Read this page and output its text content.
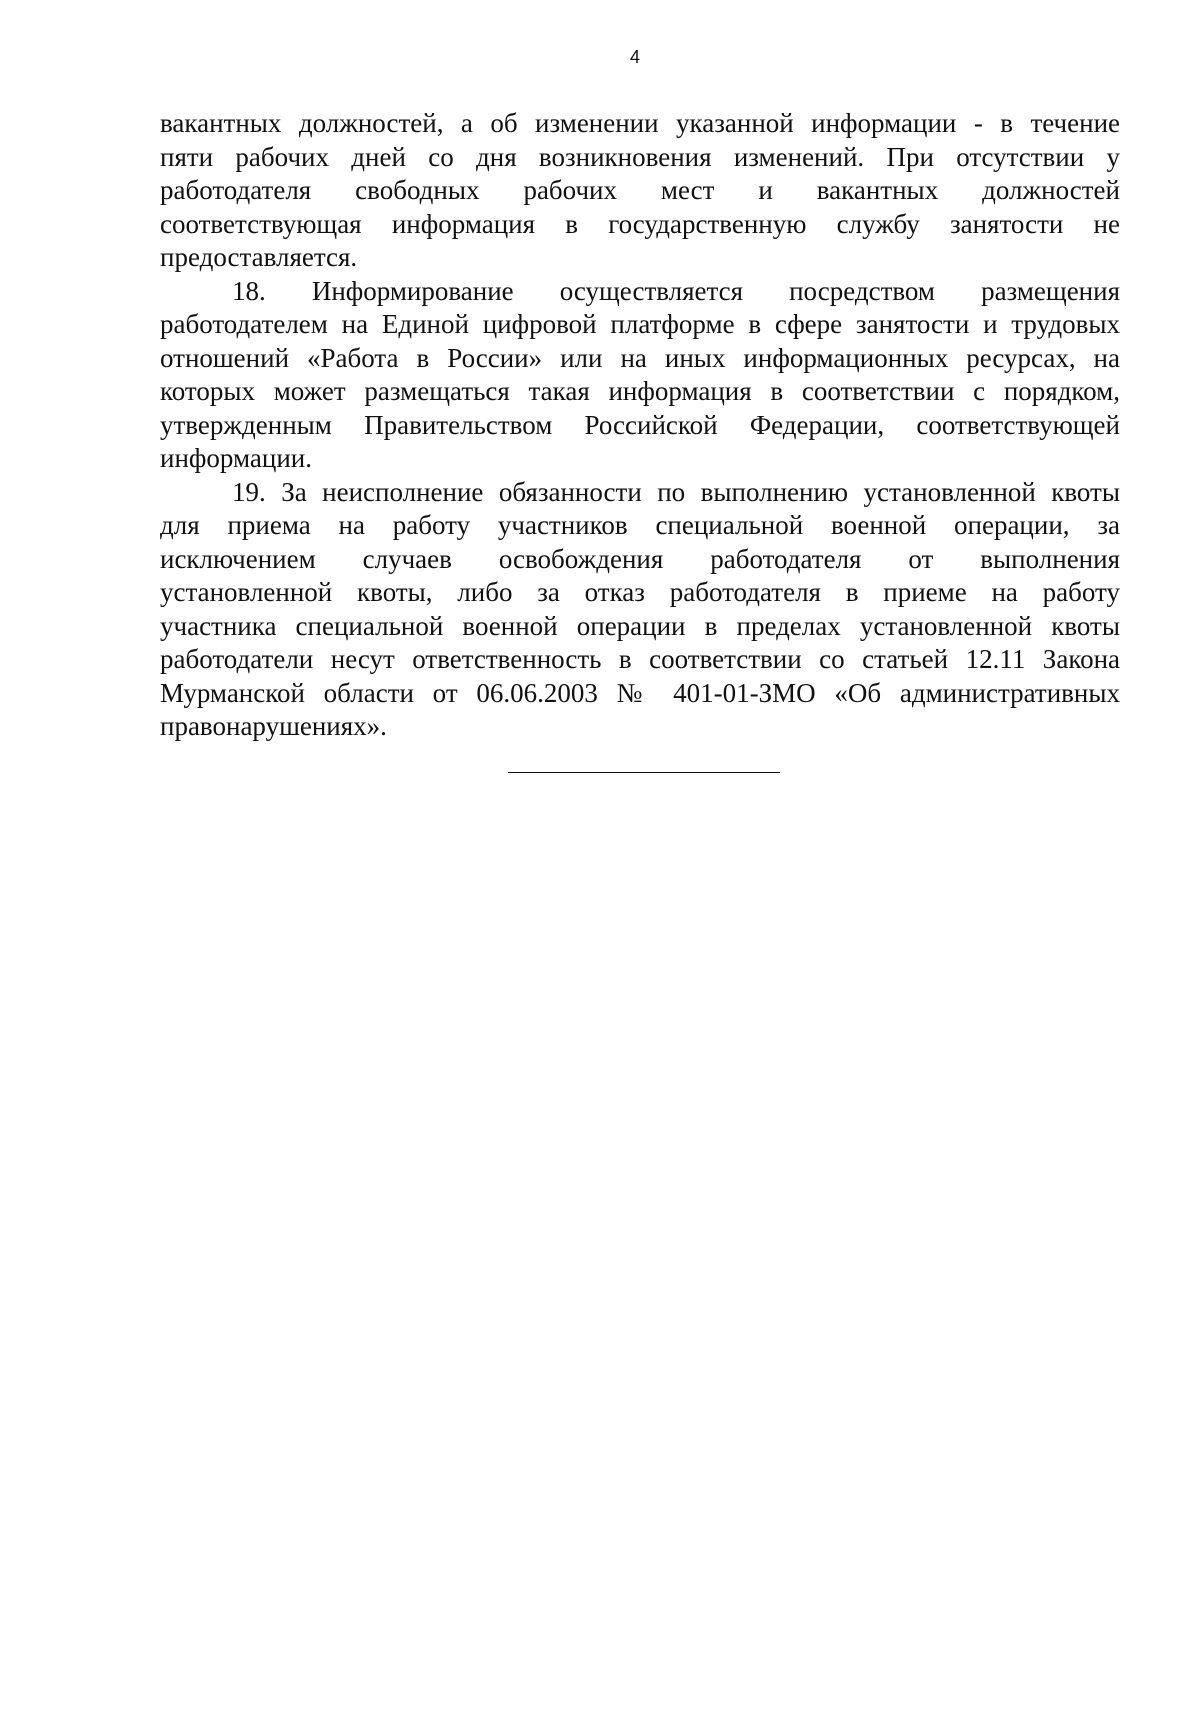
4
вакантных должностей, а об изменении указанной информации - в течение
пяти рабочих дней со дня возникновения изменений. При отсутствии у
работодателя свободных рабочих мест и вакантных должностей
соответствующая информация в государственную службу занятости не
предоставляется.
18. Информирование осуществляется посредством размещения
работодателем на Единой цифровой платформе в сфере занятости и трудовых
отношений «Работа в России» или на иных информационных ресурсах, на
которых может размещаться такая информация в соответствии с порядком,
утвержденным Правительством Российской Федерации, соответствующей
информации.
19. За неисполнение обязанности по выполнению установленной квоты
для приема на работу участников специальной военной операции, за
исключением случаев освобождения работодателя от выполнения
установленной квоты, либо за отказ работодателя в приеме на работу
участника специальной военной операции в пределах установленной квоты
работодатели несут ответственность в соответствии со статьей 12.11 Закона
Мурманской области от 06.06.2003 № 401-01-ЗМО «Об административных
правонарушениях».
